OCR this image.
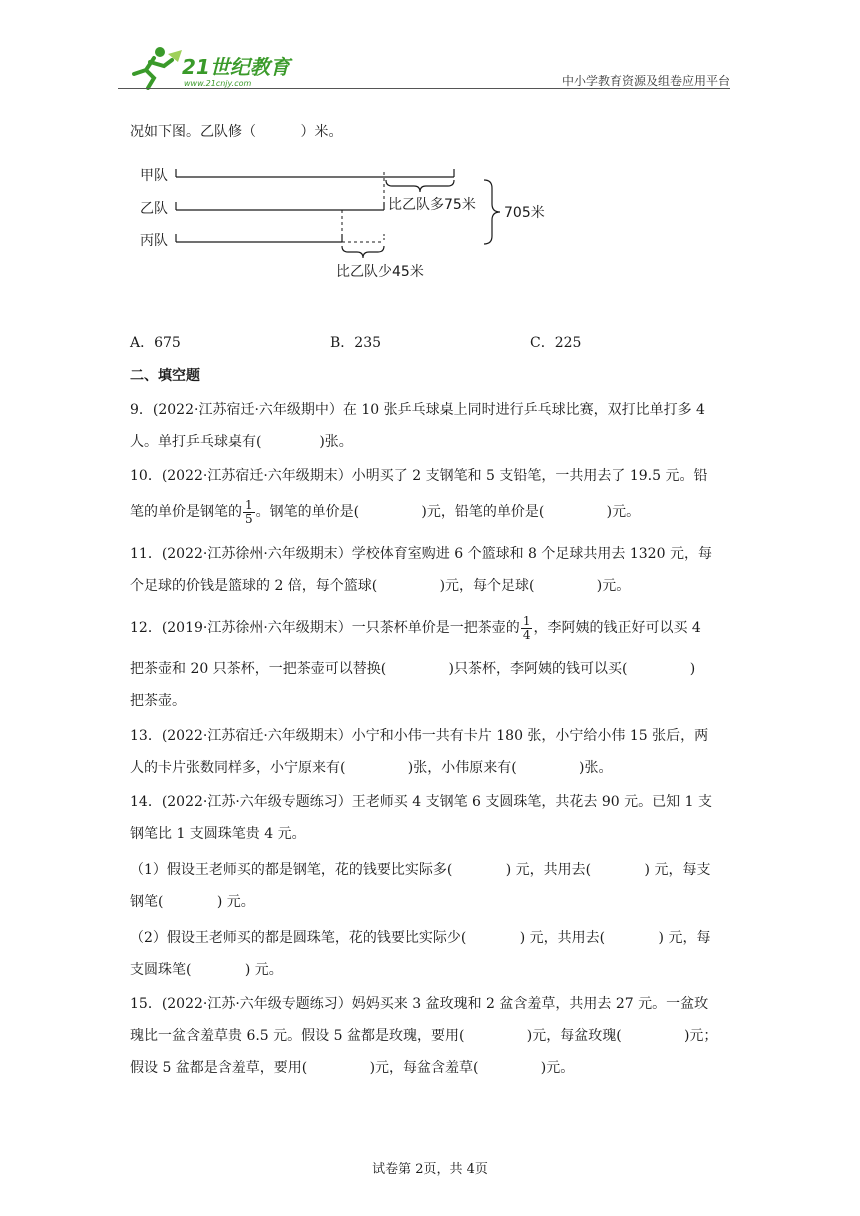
21世纪教育
www.21cnjy.com	中小学教育资源及组卷应用平台
况如下图。乙队修（          ）米。
甲队
乙队
丙队
比乙队多75米
比乙队少45米
705米
A．675	B．235	C．225
二、填空题
9．(2022·江苏宿迁·六年级期中）在 10 张乒乓球桌上同时进行乒乓球比赛，双打比单打多 4
人。单打乒乓球桌有(             )张。
10．(2022·江苏宿迁·六年级期末）小明买了 2 支钢笔和 5 支铅笔，一共用去了 19.5 元。铅
笔的单价是钢笔的 $\frac{1}{5}$ 。钢笔的单价是(              )元，铅笔的单价是(              )元。
11．(2022·江苏徐州·六年级期末）学校体育室购进 6 个篮球和 8 个足球共用去 1320 元，每
个足球的价钱是篮球的 2 倍，每个篮球(              )元，每个足球(              )元。
12．(2019·江苏徐州·六年级期末）一只茶杯单价是一把茶壶的 $\frac{1}{4}$ ，李阿姨的钱正好可以买 4
把茶壶和 20 只茶杯，一把茶壶可以替换(              )只茶杯，李阿姨的钱可以买(              )
把茶壶。
13．(2022·江苏宿迁·六年级期末）小宁和小伟一共有卡片 180 张，小宁给小伟 15 张后，两
人的卡片张数同样多，小宁原来有(              )张，小伟原来有(              )张。
14．(2022·江苏·六年级专题练习）王老师买 4 支钢笔 6 支圆珠笔，共花去 90 元。已知 1 支
钢笔比 1 支圆珠笔贵 4 元。
（1）假设王老师买的都是钢笔，花的钱要比实际多(            ) 元，共用去(            ) 元，每支
钢笔(            ) 元。
（2）假设王老师买的都是圆珠笔，花的钱要比实际少(            ) 元，共用去(            ) 元，每
支圆珠笔(            ) 元。
15．(2022·江苏·六年级专题练习）妈妈买来 3 盆玫瑰和 2 盆含羞草，共用去 27 元。一盆玫
瑰比一盆含羞草贵 6.5 元。假设 5 盆都是玫瑰，要用(              )元，每盆玫瑰(              )元；
假设 5 盆都是含羞草，要用(              )元，每盆含羞草(              )元。
试卷第 2页，共 4页
